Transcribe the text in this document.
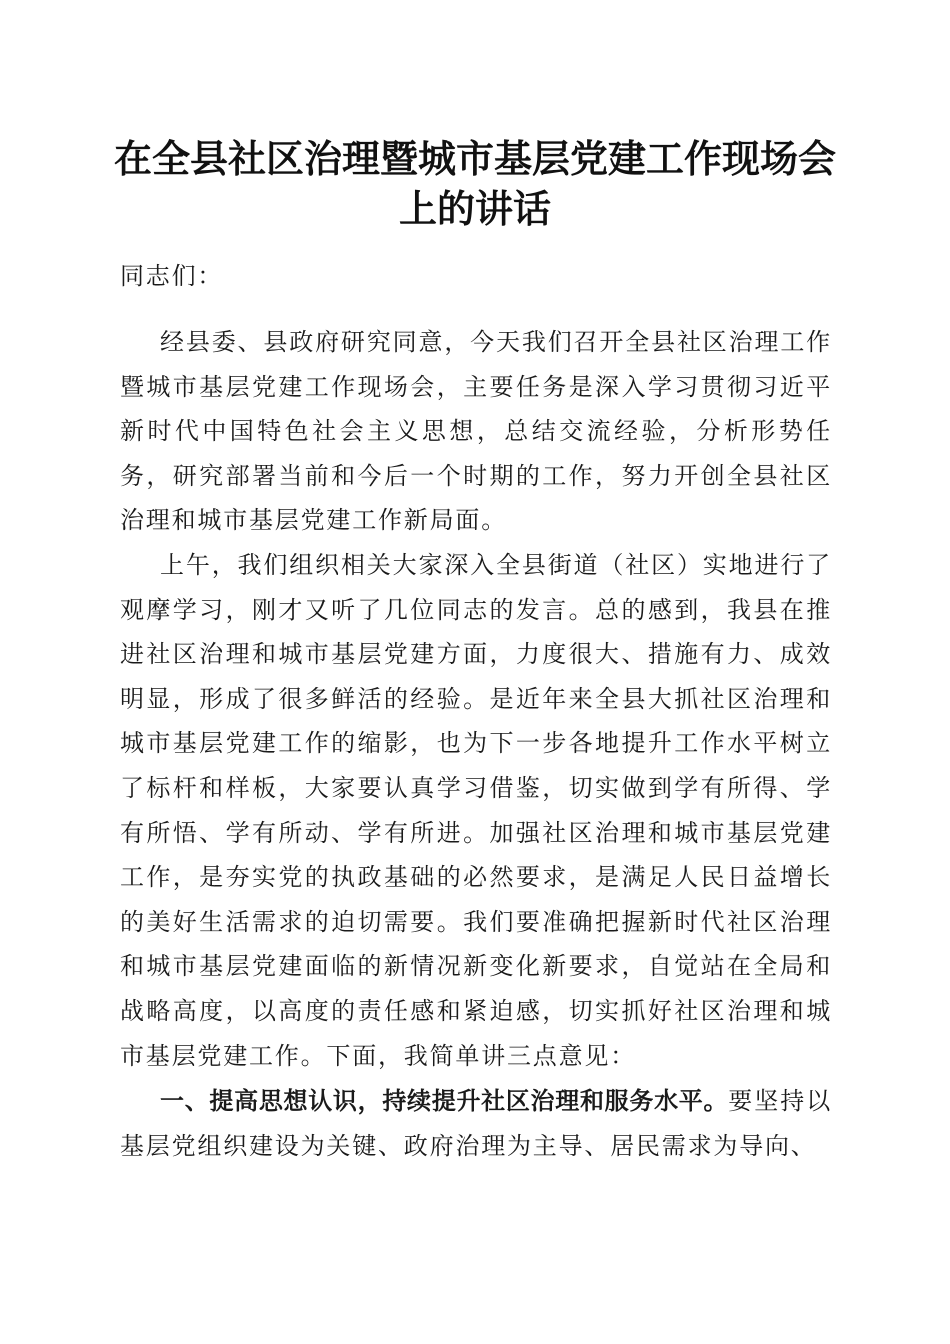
在全县社区治理暨城市基层党建工作现场会上的讲话
同志们：

经县委、县政府研究同意，今天我们召开全县社区治理工作暨城市基层党建工作现场会，主要任务是深入学习贯彻习近平新时代中国特色社会主义思想，总结交流经验，分析形势任务，研究部署当前和今后一个时期的工作，努力开创全县社区治理和城市基层党建工作新局面。

上午，我们组织相关大家深入全县街道（社区）实地进行了观摩学习，刚才又听了几位同志的发言。总的感到，我县在推进社区治理和城市基层党建方面，力度很大、措施有力、成效明显，形成了很多鲜活的经验。是近年来全县大抓社区治理和城市基层党建工作的缩影，也为下一步各地提升工作水平树立了标杆和样板，大家要认真学习借鉴，切实做到学有所得、学有所悟、学有所动、学有所进。加强社区治理和城市基层党建工作，是夯实党的执政基础的必然要求，是满足人民日益增长的美好生活需求的迫切需要。我们要准确把握新时代社区治理和城市基层党建面临的新情况新变化新要求，自觉站在全局和战略高度，以高度的责任感和紧迫感，切实抓好社区治理和城市基层党建工作。下面，我简单讲三点意见：

一、提高思想认识，持续提升社区治理和服务水平。要坚持以基层党组织建设为关键、政府治理为主导、居民需求为导向、
